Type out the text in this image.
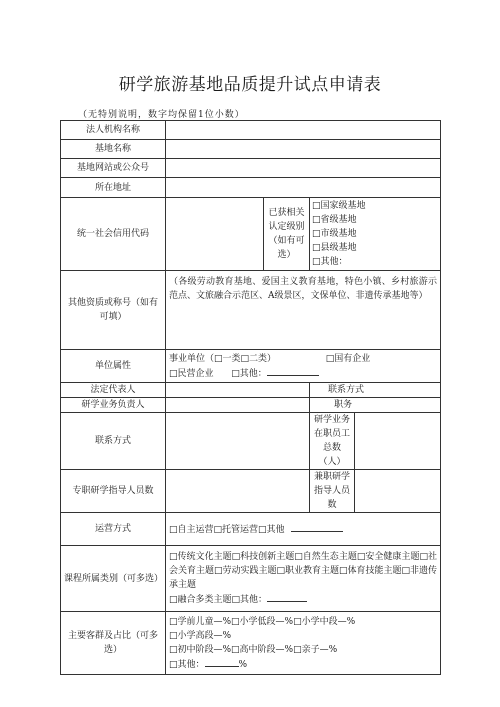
研学旅游基地品质提升试点申请表
（无特别说明，数字均保留1位小数）
法人机构名称				
基地名称				
基地网站或公众号				
所在地址				
统一社会信用代码		已获相关认定级别（如有可选）	□国家级基地
□省级基地
□市级基地
□县级基地
□其他：	

其他资质或称号（如有可填）	（各级劳动教育基地、爱国主义教育基地，特色小镇、乡村旅游示范点、文旅融合示范区、A级景区，文保单位、非遗传承基地等）			
单位属性	事业单位（□一类□二类） □国有企业
□民营企业 □其他：			

法定代表人			联系方式	
研学业务负责人			职务	
联系方式			研学业务在职员工总数（人）	
专职研学指导人员数			兼职研学指导人员数	
运营方式	□自主运营□托管运营□其他			
课程所属类别（可多选）	□传统文化主题□科技创新主题□自然生态主题□安全健康主题□社会关育主题□劳动实践主题□职业教育主题□体育技能主题□非遗传承主题
□融合多类主题□其他：			
主要客群及占比（可多选）	□学前儿童—%□小学低段—%□小学中段—%
□小学高段—%
□初中阶段—%□高中阶段—%□亲子—%
□其他： %			
